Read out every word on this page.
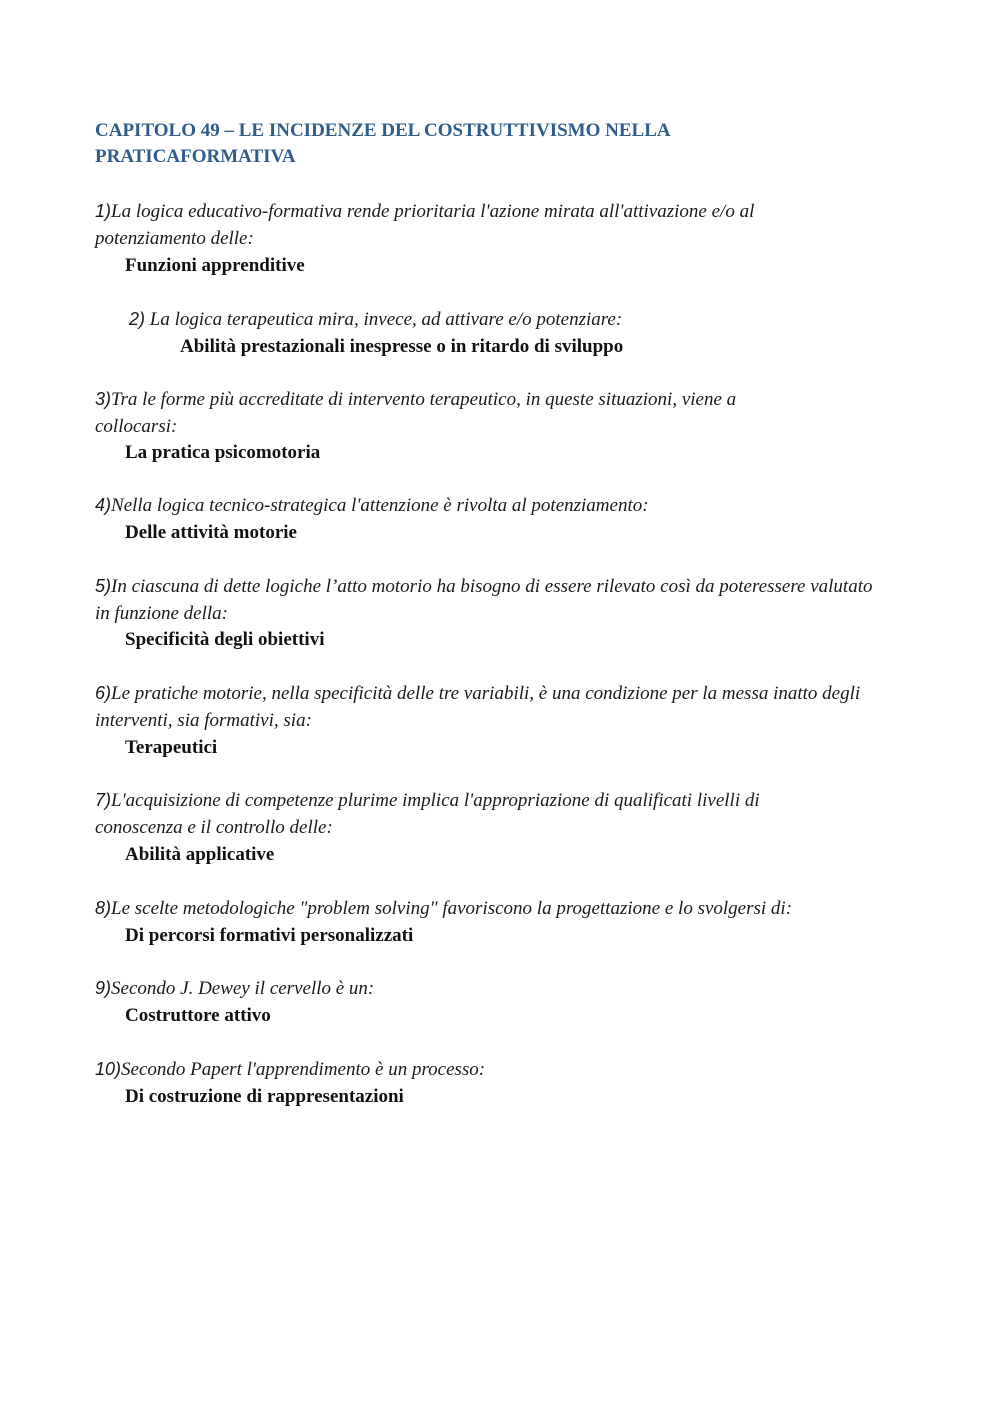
CAPITOLO 49 – LE INCIDENZE DEL COSTRUTTIVISMO NELLA PRATICAFORMATIVA

1)La logica educativo-formativa rende prioritaria l'azione mirata all'attivazione e/o al potenziamento delle:

Funzioni apprenditive

2) La logica terapeutica mira, invece, ad attivare e/o potenziare:

Abilità prestazionali inespresse o in ritardo di sviluppo

3)Tra le forme più accreditate di intervento terapeutico, in queste situazioni, viene a collocarsi:

La pratica psicomotoria

4)Nella logica tecnico-strategica l'attenzione è rivolta al potenziamento:

Delle attività motorie

5)In ciascuna di dette logiche l’atto motorio ha bisogno di essere rilevato così da poteressere valutato in funzione della:

Specificità degli obiettivi

6)Le pratiche motorie, nella specificità delle tre variabili, è una condizione per la messa inatto degli interventi, sia formativi, sia:

Terapeutici

7)L'acquisizione di competenze plurime implica l'appropriazione di qualificati livelli di conoscenza e il controllo delle:

Abilità applicative

8)Le scelte metodologiche "problem solving" favoriscono la progettazione e lo svolgersi di:

Di percorsi formativi personalizzati

9)Secondo J. Dewey il cervello è un:

Costruttore attivo

10)Secondo Papert l'apprendimento è un processo:

Di costruzione di rappresentazioni
